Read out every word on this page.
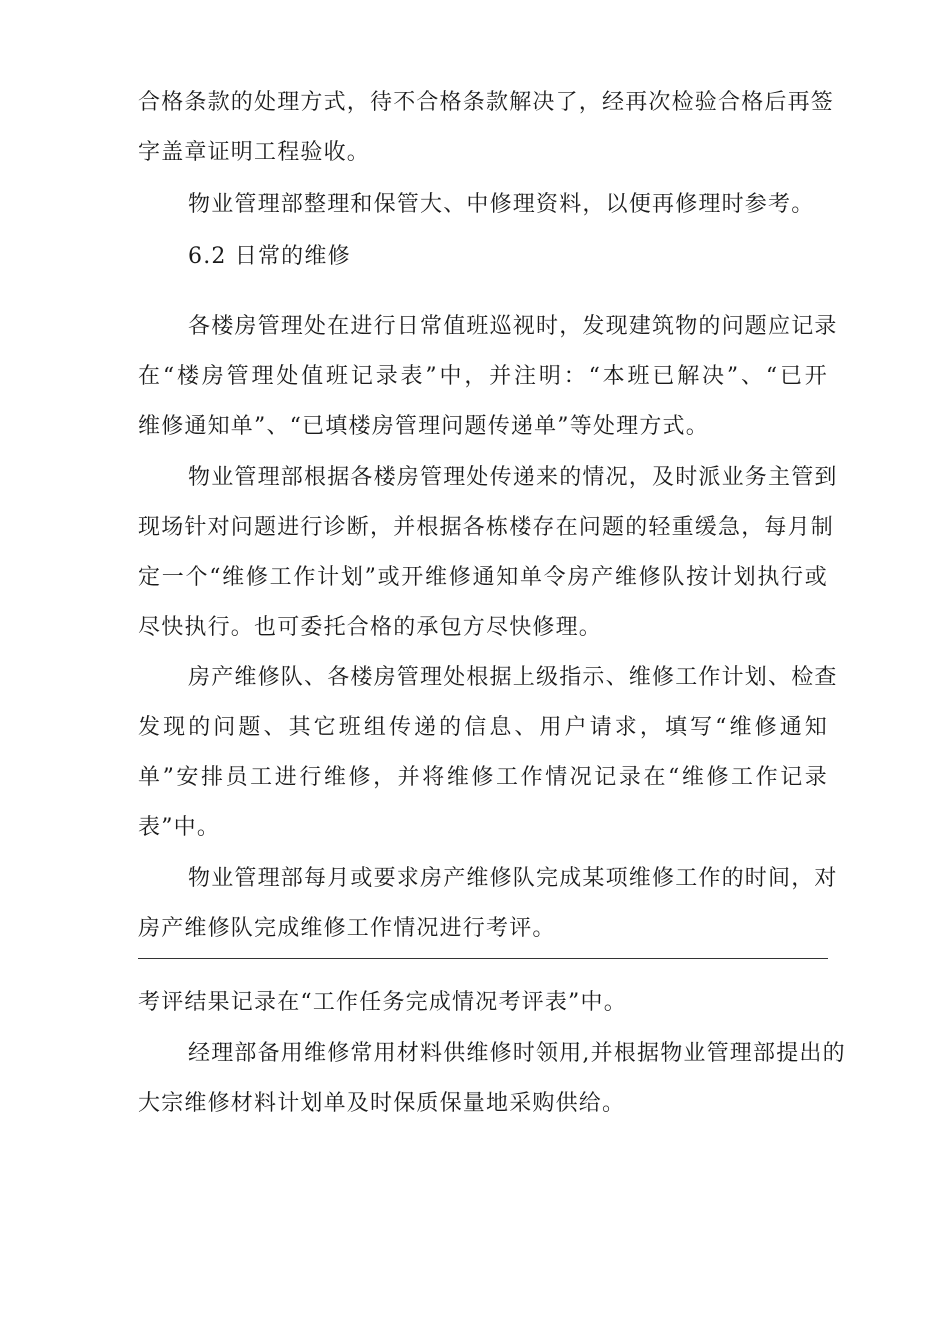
合格条款的处理方式，待不合格条款解决了，经再次检验合格后再签
字盖章证明工程验收。
物业管理部整理和保管大、中修理资料，以便再修理时参考。
6.2 日常的维修
各楼房管理处在进行日常值班巡视时，发现建筑物的问题应记录
在“楼房管理处值班记录表”中，并注明：“本班已解决”、“已开
维修通知单”、“已填楼房管理问题传递单”等处理方式。
物业管理部根据各楼房管理处传递来的情况，及时派业务主管到
现场针对问题进行诊断，并根据各栋楼存在问题的轻重缓急，每月制
定一个“维修工作计划”或开维修通知单令房产维修队按计划执行或
尽快执行。也可委托合格的承包方尽快修理。
房产维修队、各楼房管理处根据上级指示、维修工作计划、检查
发现的问题、其它班组传递的信息、用户请求，填写“维修通知
单”安排员工进行维修，并将维修工作情况记录在“维修工作记录
表”中。
物业管理部每月或要求房产维修队完成某项维修工作的时间，对
房产维修队完成维修工作情况进行考评。
考评结果记录在“工作任务完成情况考评表”中。
经理部备用维修常用材料供维修时领用,并根据物业管理部提出的
大宗维修材料计划单及时保质保量地采购供给。
